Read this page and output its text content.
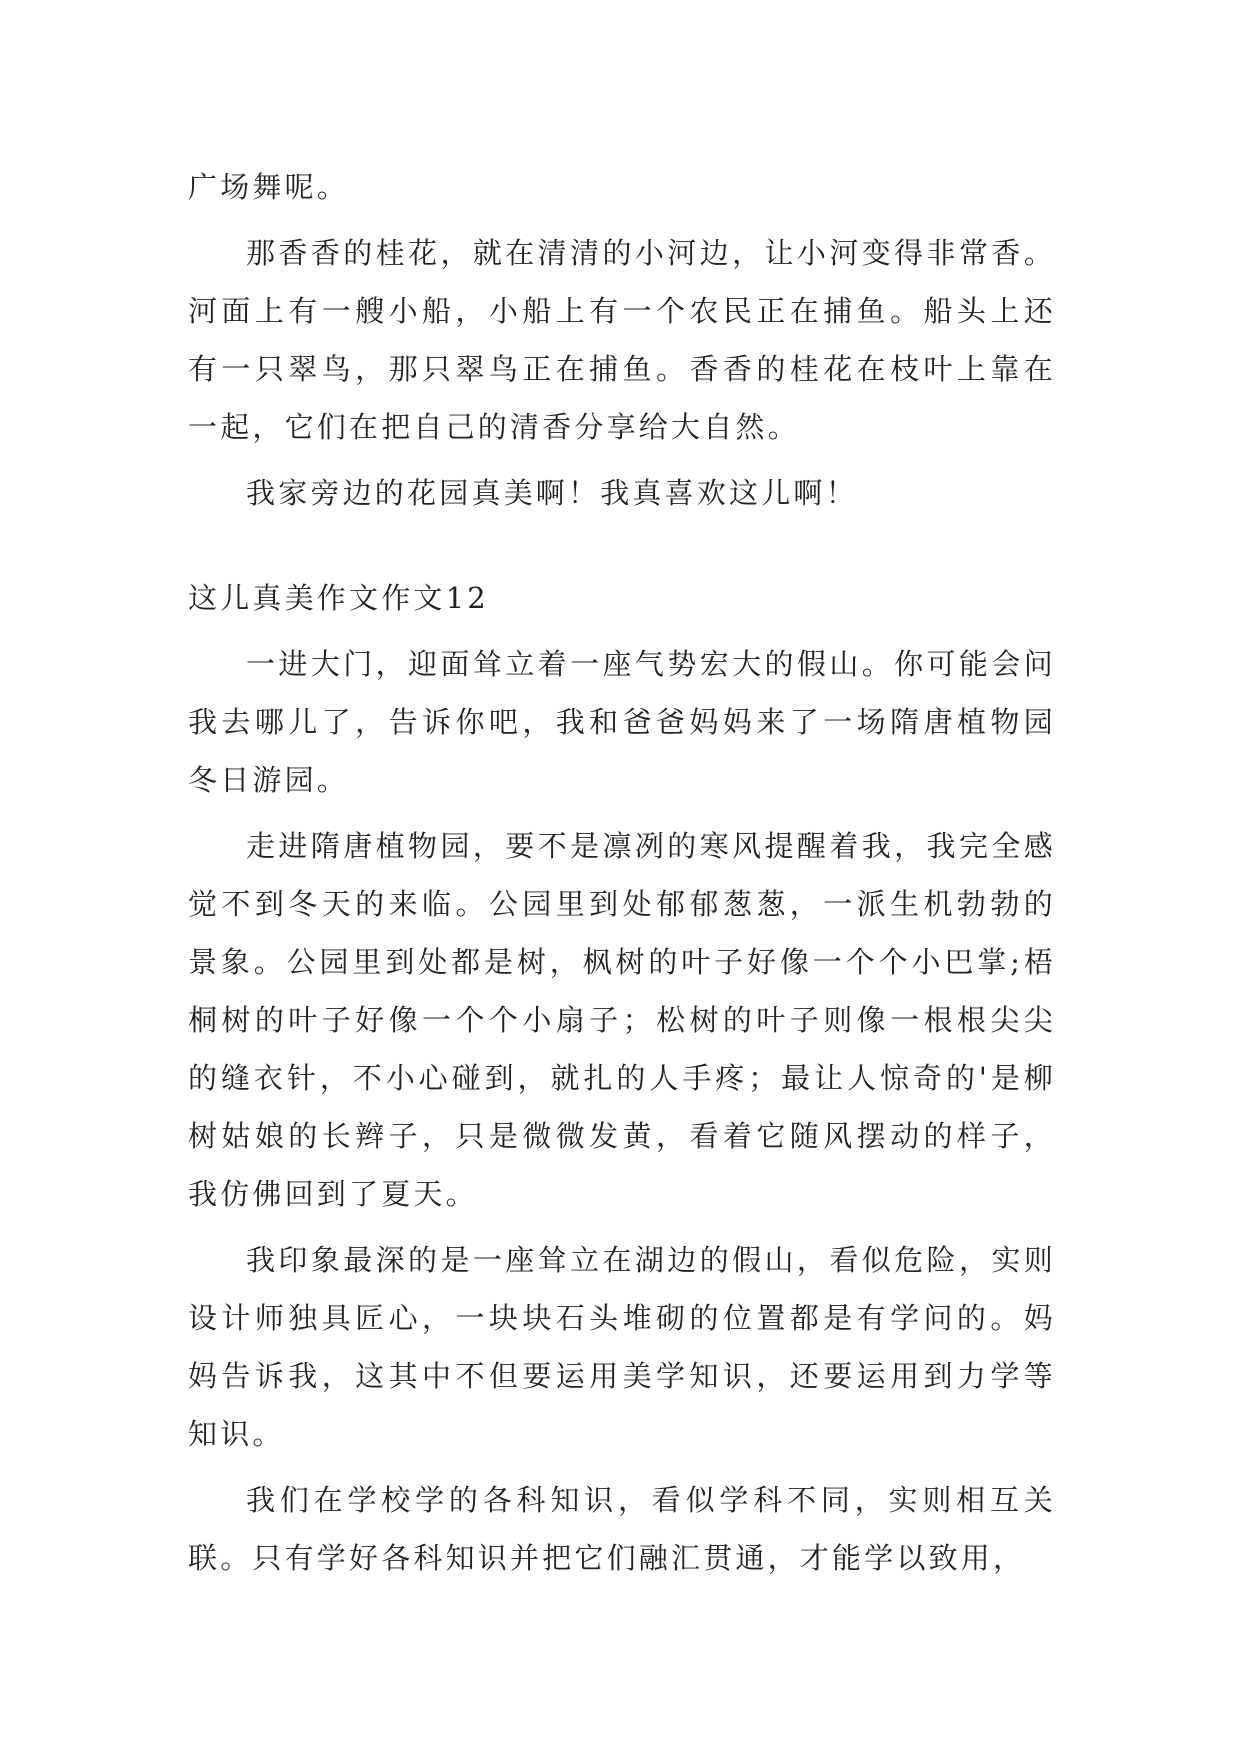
广场舞呢。

那香香的桂花，就在清清的小河边，让小河变得非常香。河面上有一艘小船，小船上有一个农民正在捕鱼。船头上还有一只翠鸟，那只翠鸟正在捕鱼。香香的桂花在枝叶上靠在一起，它们在把自己的清香分享给大自然。

我家旁边的花园真美啊！我真喜欢这儿啊！

这儿真美作文作文12

一进大门，迎面耸立着一座气势宏大的假山。你可能会问我去哪儿了，告诉你吧，我和爸爸妈妈来了一场隋唐植物园冬日游园。

走进隋唐植物园，要不是凛冽的寒风提醒着我，我完全感觉不到冬天的来临。公园里到处郁郁葱葱，一派生机勃勃的景象。公园里到处都是树，枫树的叶子好像一个个小巴掌;梧桐树的叶子好像一个个小扇子；松树的叶子则像一根根尖尖的缝衣针，不小心碰到，就扎的人手疼；最让人惊奇的'是柳树姑娘的长辫子，只是微微发黄，看着它随风摆动的样子，我仿佛回到了夏天。

我印象最深的是一座耸立在湖边的假山，看似危险，实则设计师独具匠心，一块块石头堆砌的位置都是有学问的。妈妈告诉我，这其中不但要运用美学知识，还要运用到力学等知识。

我们在学校学的各科知识，看似学科不同，实则相互关联。只有学好各科知识并把它们融汇贯通，才能学以致用，
